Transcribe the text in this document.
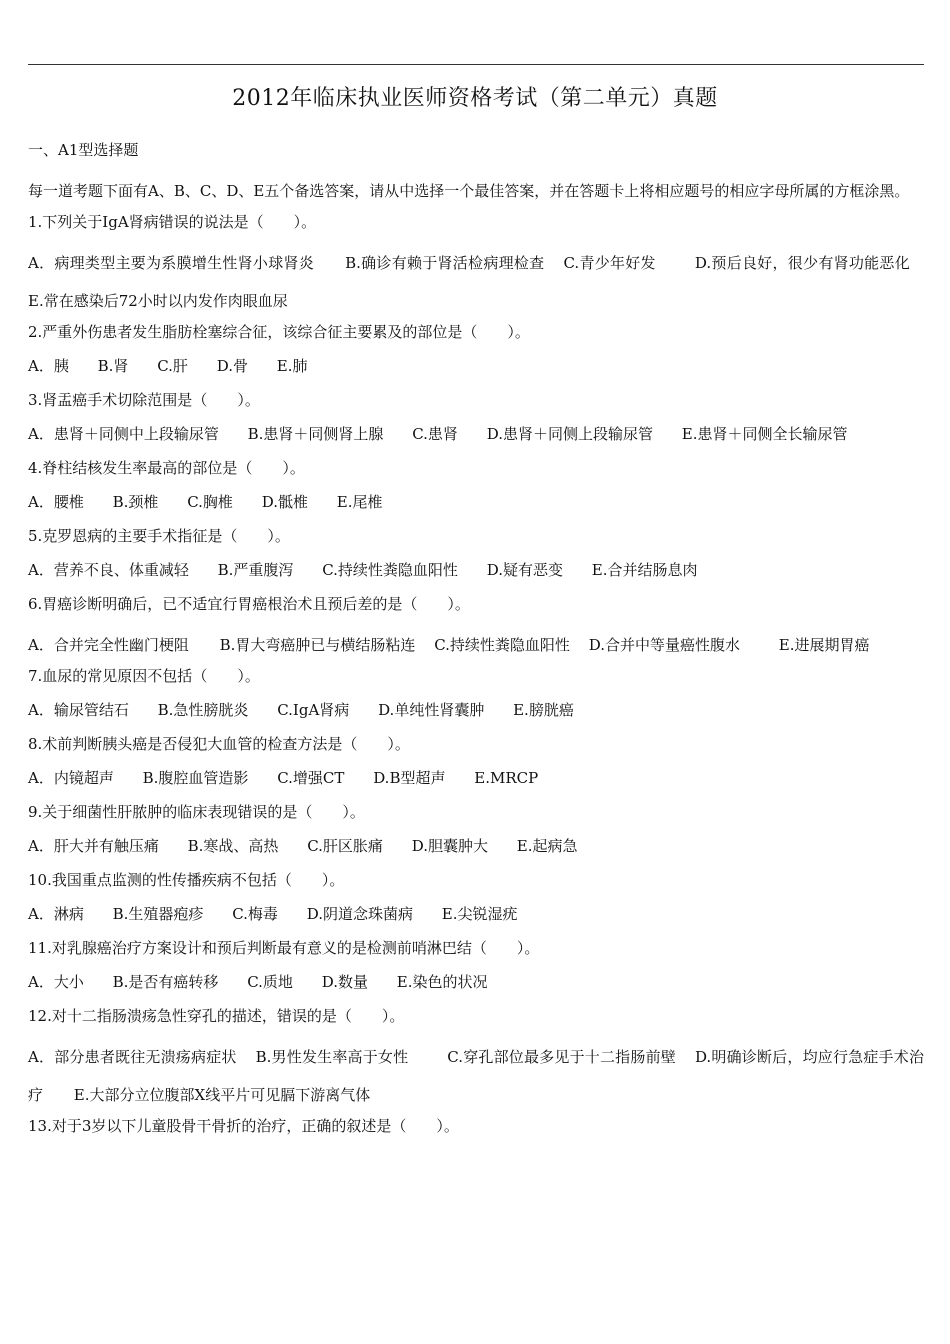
2012年临床执业医师资格考试（第二单元）真题
一、A1型选择题
每一道考题下面有A、B、C、D、E五个备选答案，请从中选择一个最佳答案，并在答题卡上将相应题号的相应字母所属的方框涂黑。
1.下列关于IgA肾病错误的说法是（　　）。
A．病理类型主要为系膜增生性肾小球肾炎 B.确诊有赖于肾活检病理检查 C.青少年好发	D.预后良好，很少有肾功能恶化 E.常在感染后72小时以内发作肉眼血尿
2.严重外伤患者发生脂肪栓塞综合征，该综合征主要累及的部位是（　　）。
A．胰 B.肾 C.肝 D.骨 E.肺
3.肾盂癌手术切除范围是（　　）。
A．患肾＋同侧中上段输尿管 B.患肾＋同侧肾上腺 C.患肾 D.患肾＋同侧上段输尿管 E.患肾＋同侧全长输尿管
4.脊柱结核发生率最高的部位是（　　）。
A．腰椎 B.颈椎 C.胸椎 D.骶椎 E.尾椎
5.克罗恩病的主要手术指征是（　　）。
A．营养不良、体重减轻 B.严重腹泻 C.持续性粪隐血阳性 D.疑有恶变 E.合并结肠息肉
6.胃癌诊断明确后，已不适宜行胃癌根治术且预后差的是（　　）。
A．合并完全性幽门梗阻 B.胃大弯癌肿已与横结肠粘连 C.持续性粪隐血阳性 D.合并中等量癌性腹水	E.进展期胃癌
7.血尿的常见原因不包括（　　）。
A．输尿管结石 B.急性膀胱炎 C.IgA肾病 D.单纯性肾囊肿 E.膀胱癌
8.术前判断胰头癌是否侵犯大血管的检查方法是（　　）。
A．内镜超声 B.腹腔血管造影 C.增强CT D.B型超声 E.MRCP
9.关于细菌性肝脓肿的临床表现错误的是（　　）。
A．肝大并有触压痛 B.寒战、高热 C.肝区胀痛 D.胆囊肿大 E.起病急
10.我国重点监测的性传播疾病不包括（　　）。
A．淋病 B.生殖器疱疹 C.梅毒 D.阴道念珠菌病 E.尖锐湿疣
11.对乳腺癌治疗方案设计和预后判断最有意义的是检测前哨淋巴结（　　）。
A．大小 B.是否有癌转移 C.质地 D.数量 E.染色的状况
12.对十二指肠溃疡急性穿孔的描述，错误的是（　　）。
A．部分患者既往无溃疡病症状 B.男性发生率高于女性	C.穿孔部位最多见于十二指肠前壁 D.明确诊断后，均应行急症手术治疗 E.大部分立位腹部X线平片可见膈下游离气体
13.对于3岁以下儿童股骨干骨折的治疗，正确的叙述是（　　）。
